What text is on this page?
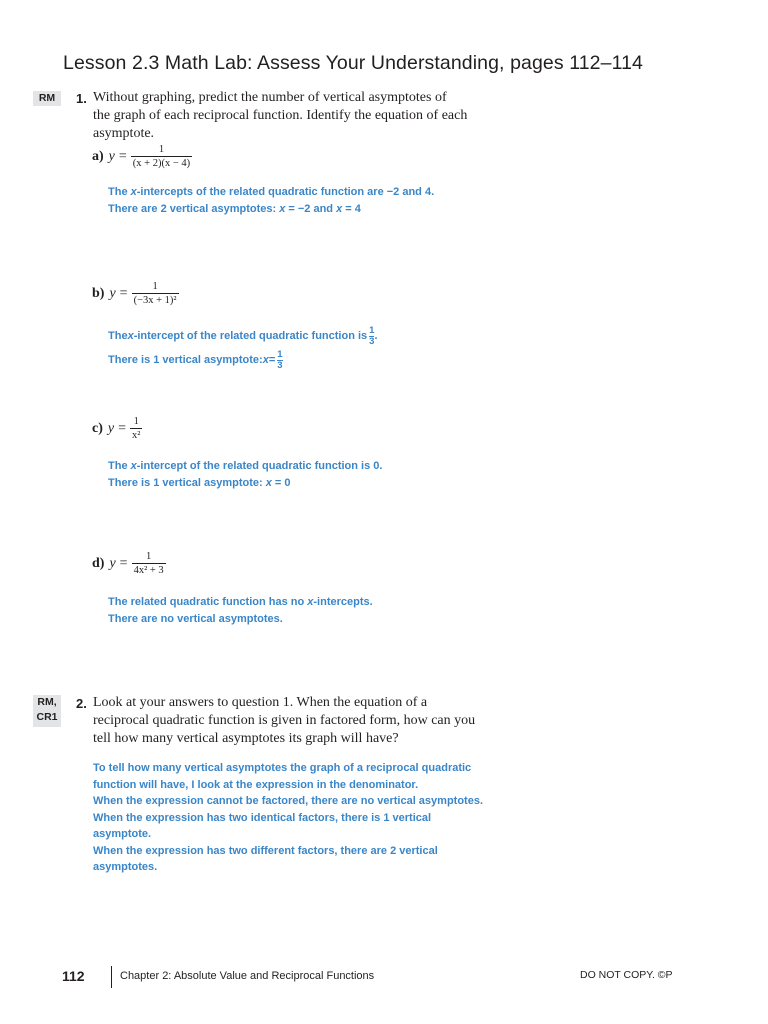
Lesson 2.3 Math Lab: Assess Your Understanding, pages 112–114
RM	1. Without graphing, predict the number of vertical asymptotes of
the graph of each reciprocal function. Identify the equation of each
asymptote.
a) $y = \frac{1}{(x + 2)(x - 4)}$
The x-intercepts of the related quadratic function are −2 and 4.
There are 2 vertical asymptotes: x = −2 and x = 4
b) $y = \frac{1}{\text{(−3x + 1)²}}$
The x -intercept of the related quadratic function is 1
3 .
There is 1 vertical asymptote: $x = \frac{1}{3}$
c) $y = \frac{1}{\text{x²}}$
The x-intercept of the related quadratic function is 0.
There is 1 vertical asymptote: x = 0
d) $y = \frac{1}{\text{4x² + 3}}$
The related quadratic function has no x-intercepts.
There are no vertical asymptotes.
RM,
CR1
2. Look at your answers to question 1. When the equation of a
reciprocal quadratic function is given in factored form, how can you
tell how many vertical asymptotes its graph will have?
To tell how many vertical asymptotes the graph of a reciprocal quadratic
function will have, I look at the expression in the denominator.
When the expression cannot be factored, there are no vertical asymptotes.
When the expression has two identical factors, there is 1 vertical
asymptote.
When the expression has two different factors, there are 2 vertical
asymptotes.
112	Chapter 2: Absolute Value and Reciprocal Functions	DO NOT COPY. ©P
